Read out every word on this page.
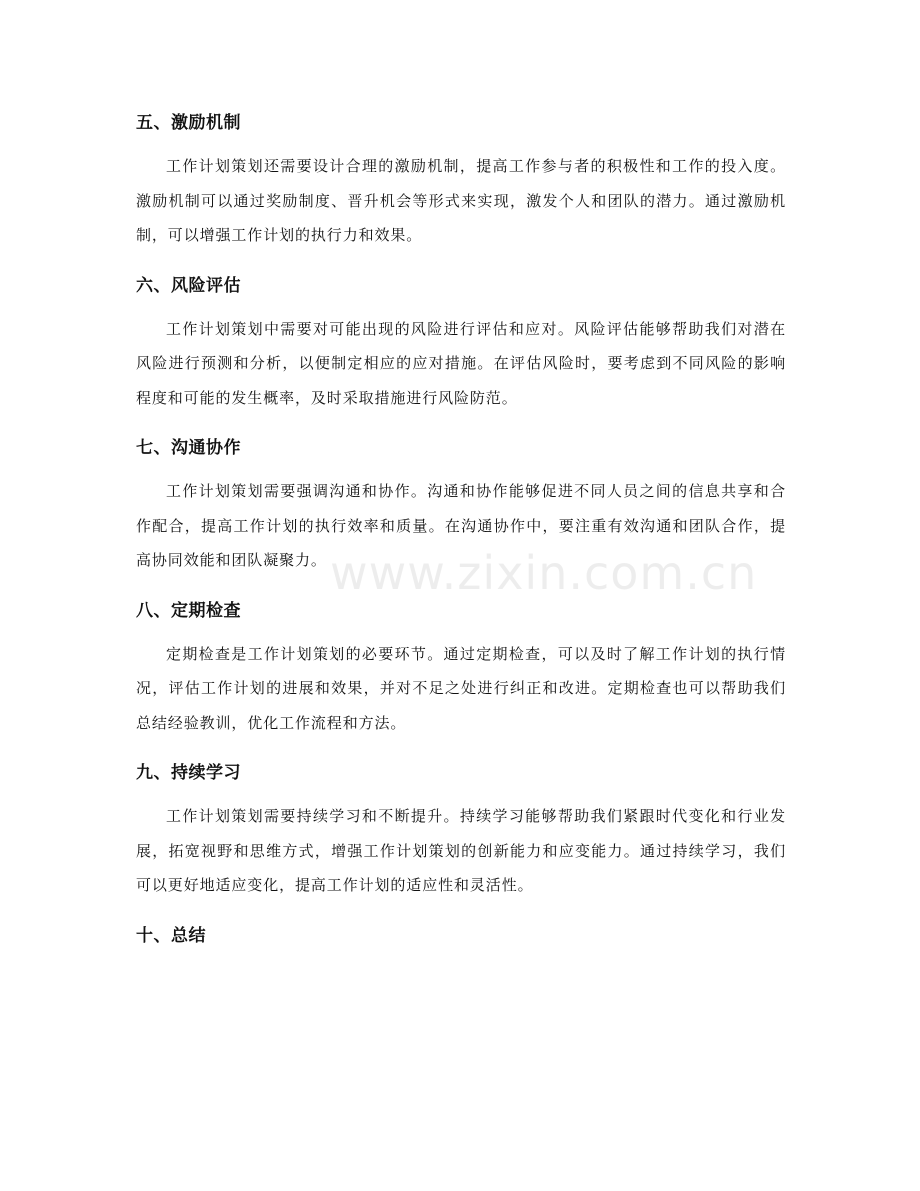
五、激励机制

工作计划策划还需要设计合理的激励机制，提高工作参与者的积极性和工作的投入度。激励机制可以通过奖励制度、晋升机会等形式来实现，激发个人和团队的潜力。通过激励机制，可以增强工作计划的执行力和效果。

六、风险评估

工作计划策划中需要对可能出现的风险进行评估和应对。风险评估能够帮助我们对潜在风险进行预测和分析，以便制定相应的应对措施。在评估风险时，要考虑到不同风险的影响程度和可能的发生概率，及时采取措施进行风险防范。

七、沟通协作

工作计划策划需要强调沟通和协作。沟通和协作能够促进不同人员之间的信息共享和合作配合，提高工作计划的执行效率和质量。在沟通协作中，要注重有效沟通和团队合作，提高协同效能和团队凝聚力。

八、定期检查

定期检查是工作计划策划的必要环节。通过定期检查，可以及时了解工作计划的执行情况，评估工作计划的进展和效果，并对不足之处进行纠正和改进。定期检查也可以帮助我们总结经验教训，优化工作流程和方法。

九、持续学习

工作计划策划需要持续学习和不断提升。持续学习能够帮助我们紧跟时代变化和行业发展，拓宽视野和思维方式，增强工作计划策划的创新能力和应变能力。通过持续学习，我们可以更好地适应变化，提高工作计划的适应性和灵活性。

十、总结
www.zixin.com.cn
